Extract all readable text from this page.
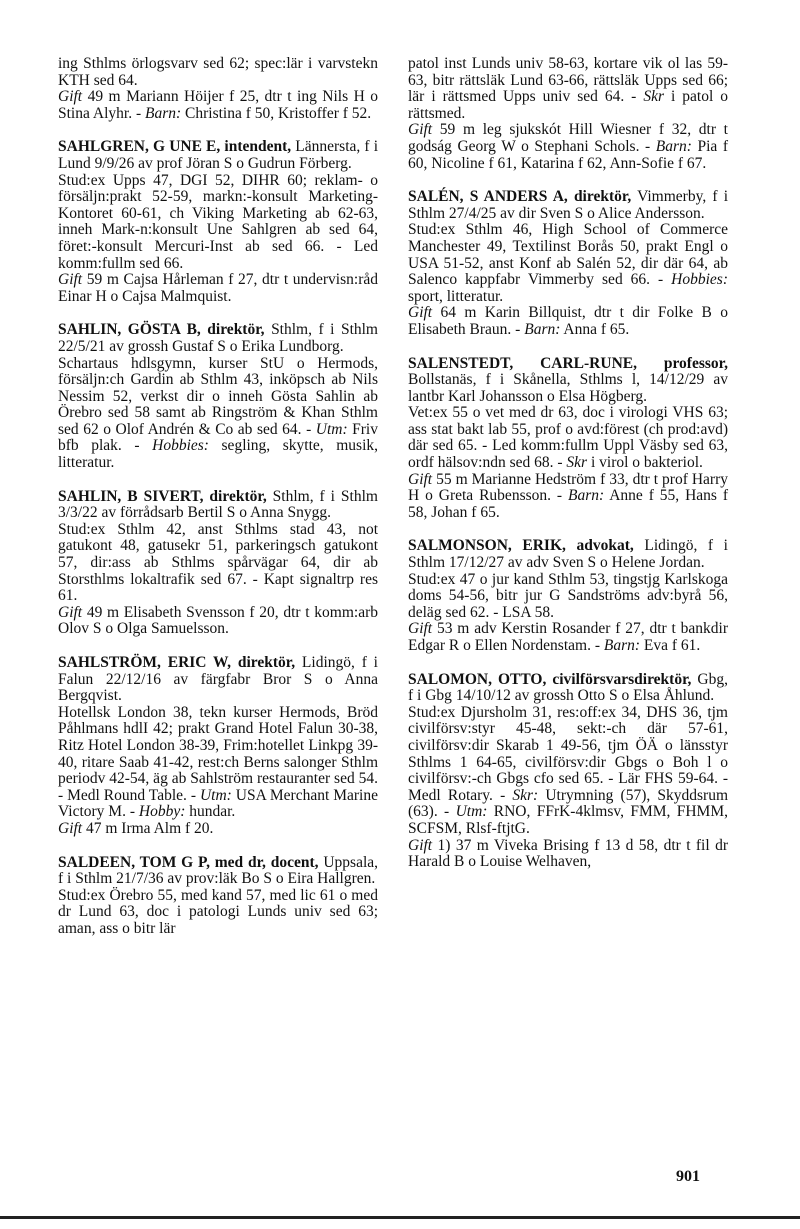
ing Sthlms örlogsvarv sed 62; spec:lär i varvstekn KTH sed 64.
Gift 49 m Mariann Höijer f 25, dtr t ing Nils H o Stina Alyhr. - Barn: Christina f 50, Kristoffer f 52.
SAHLGREN, G UNE E, intendent, Lännersta, f i Lund 9/9/26 av prof Jöran S o Gudrun Förberg.
Stud:ex Upps 47, DGI 52, DIHR 60; reklam- o försäljn:prakt 52-59, markn:-konsult Marketing-Kontoret 60-61, ch Viking Marketing ab 62-63, inneh Mark-n:konsult Une Sahlgren ab sed 64, föret:-konsult Mercuri-Inst ab sed 66. - Led komm:fullm sed 66.
Gift 59 m Cajsa Hårleman f 27, dtr t undervisn:råd Einar H o Cajsa Malmquist.
SAHLIN, GÖSTA B, direktör, Sthlm, f i Sthlm 22/5/21 av grossh Gustaf S o Erika Lundborg.
Schartaus hdlsgymn, kurser StU o Hermods, försäljn:ch Gardin ab Sthlm 43, inköpsch ab Nils Nessim 52, verkst dir o inneh Gösta Sahlin ab Örebro sed 58 samt ab Ringström & Khan Sthlm sed 62 o Olof Andrén & Co ab sed 64. - Utm: Friv bfb plak. - Hobbies: segling, skytte, musik, litteratur.
SAHLIN, B SIVERT, direktör, Sthlm, f i Sthlm 3/3/22 av förrådsarb Bertil S o Anna Snygg.
Stud:ex Sthlm 42, anst Sthlms stad 43, not gatukont 48, gatusekr 51, parkeringsch gatukont 57, dir:ass ab Sthlms spårvägar 64, dir ab Storsthlms lokaltrafik sed 67. - Kapt signaltrp res 61.
Gift 49 m Elisabeth Svensson f 20, dtr t komm:arb Olov S o Olga Samuelsson.
SAHLSTRÖM, ERIC W, direktör, Lidingö, f i Falun 22/12/16 av färgfabr Bror S o Anna Bergqvist.
Hotellsk London 38, tekn kurser Hermods, Bröd Påhlmans hdlI 42; prakt Grand Hotel Falun 30-38, Ritz Hotel London 38-39, Frim:hotellet Linkpg 39-40, ritare Saab 41-42, rest:ch Berns salonger Sthlm periodv 42-54, äg ab Sahlström restauranter sed 54. - Medl Round Table. - Utm: USA Merchant Marine Victory M. - Hobby: hundar.
Gift 47 m Irma Alm f 20.
SALDEEN, TOM G P, med dr, docent, Uppsala, f i Sthlm 21/7/36 av prov:läk Bo S o Eira Hallgren.
Stud:ex Örebro 55, med kand 57, med lic 61 o med dr Lund 63, doc i patologi Lunds univ sed 63; aman, ass o bitr lär
patol inst Lunds univ 58-63, kortare vik ol las 59-63, bitr rättsläk Lund 63-66, rättsläk Upps sed 66; lär i rättsmed Upps univ sed 64. - Skr i patol o rättsmed.
Gift 59 m leg sjukskót Hill Wiesner f 32, dtr t godság Georg W o Stephani Schols. - Barn: Pia f 60, Nicoline f 61, Katarina f 62, Ann-Sofie f 67.
SALÉN, S ANDERS A, direktör, Vimmerby, f i Sthlm 27/4/25 av dir Sven S o Alice Andersson.
Stud:ex Sthlm 46, High School of Commerce Manchester 49, Textilinst Borås 50, prakt Engl o USA 51-52, anst Konf ab Salén 52, dir där 64, ab Salenco kappfabr Vimmerby sed 66. - Hobbies: sport, litteratur.
Gift 64 m Karin Billquist, dtr t dir Folke B o Elisabeth Braun. - Barn: Anna f 65.
SALENSTEDT, CARL-RUNE, professor, Bollstanäs, f i Skånella, Sthlms l, 14/12/29 av lantbr Karl Johansson o Elsa Högberg.
Vet:ex 55 o vet med dr 63, doc i virologi VHS 63; ass stat bakt lab 55, prof o avd:förest (ch prod:avd) där sed 65. - Led komm:fullm Uppl Väsby sed 63, ordf hälsov:ndn sed 68. - Skr i virol o bakteriol.
Gift 55 m Marianne Hedström f 33, dtr t prof Harry H o Greta Rubensson. - Barn: Anne f 55, Hans f 58, Johan f 65.
SALMONSON, ERIK, advokat, Lidingö, f i Sthlm 17/12/27 av adv Sven S o Helene Jordan.
Stud:ex 47 o jur kand Sthlm 53, tingstjg Karlskoga doms 54-56, bitr jur G Sandströms adv:byrå 56, deläg sed 62. - LSA 58.
Gift 53 m adv Kerstin Rosander f 27, dtr t bankdir Edgar R o Ellen Nordenstam. - Barn: Eva f 61.
SALOMON, OTTO, civilförsvarsdirektör, Gbg, f i Gbg 14/10/12 av grossh Otto S o Elsa Åhlund.
Stud:ex Djursholm 31, res:off:ex 34, DHS 36, tjm civilförsv:styr 45-48, sekt:-ch där 57-61, civilförsv:dir Skarab 1 49-56, tjm ÖÄ o länsstyr Sthlms 1 64-65, civilförsv:dir Gbgs o Boh l o civilförsv:-ch Gbgs cfo sed 65. - Lär FHS 59-64. - Medl Rotary. - Skr: Utrymning (57), Skyddsrum (63). - Utm: RNO, FFrK-4klmsv, FMM, FHMM, SCFSM, Rlsf-ftjtG.
Gift 1) 37 m Viveka Brising f 13 d 58, dtr t fil dr Harald B o Louise Welhaven,
901
